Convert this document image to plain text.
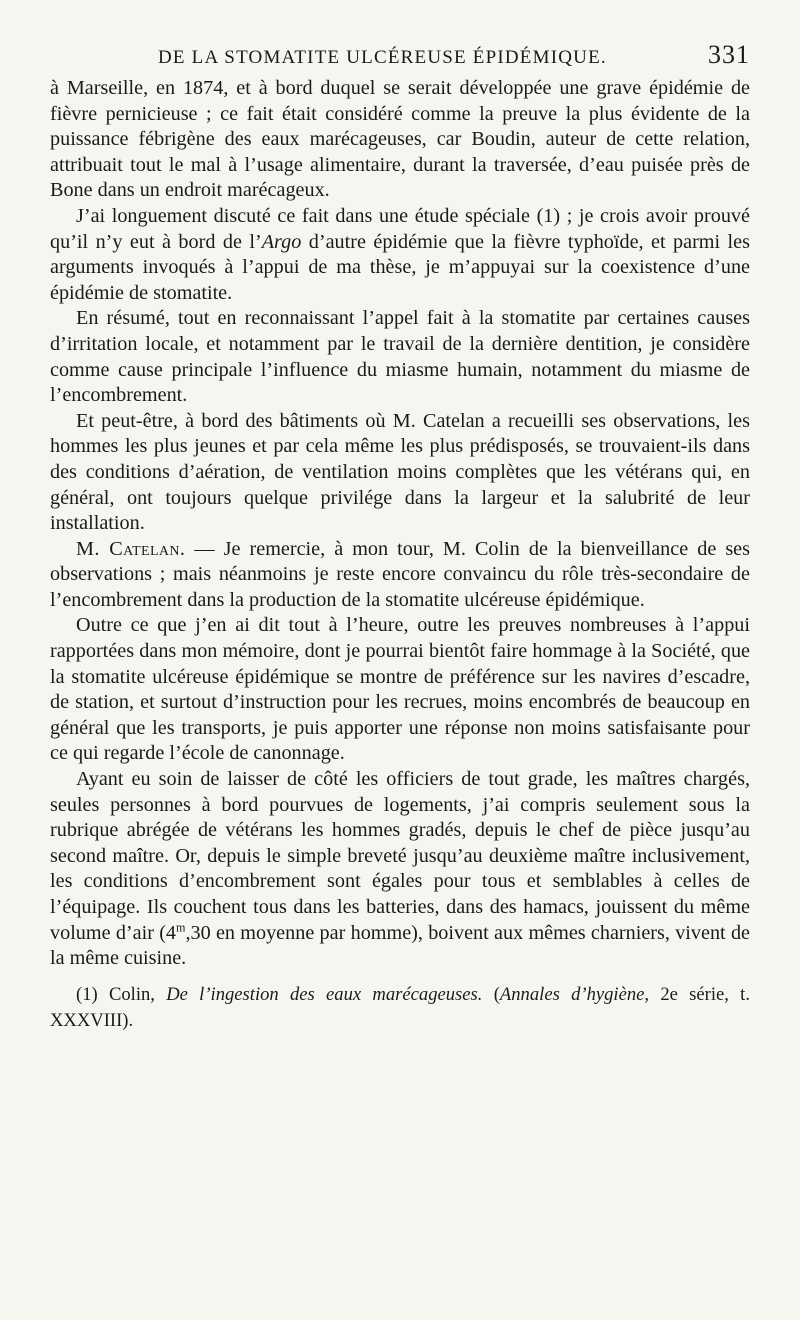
DE LA STOMATITE ULCÉREUSE ÉPIDÉMIQUE.	331

à Marseille, en 1874, et à bord duquel se serait développée une grave épidémie de fièvre pernicieuse ; ce fait était considéré comme la preuve la plus évidente de la puissance fébrigène des eaux marécageuses, car Boudin, auteur de cette relation, attribuait tout le mal à l’usage alimentaire, durant la traversée, d’eau puisée près de Bone dans un endroit marécageux.

J’ai longuement discuté ce fait dans une étude spéciale (1) ; je crois avoir prouvé qu’il n’y eut à bord de l’Argo d’autre épidémie que la fièvre typhoïde, et parmi les arguments invoqués à l’appui de ma thèse, je m’appuyai sur la coexistence d’une épidémie de stomatite.

En résumé, tout en reconnaissant l’appel fait à la stomatite par certaines causes d’irritation locale, et notamment par le travail de la dernière dentition, je considère comme cause principale l’influence du miasme humain, notamment du miasme de l’encombrement.

Et peut-être, à bord des bâtiments où M. Catelan a recueilli ses observations, les hommes les plus jeunes et par cela même les plus prédisposés, se trouvaient-ils dans des conditions d’aération, de ventilation moins complètes que les vétérans qui, en général, ont toujours quelque privilége dans la largeur et la salubrité de leur installation.

M. Catelan. — Je remercie, à mon tour, M. Colin de la bienveillance de ses observations ; mais néanmoins je reste encore convaincu du rôle très-secondaire de l’encombrement dans la production de la stomatite ulcéreuse épidémique.

Outre ce que j’en ai dit tout à l’heure, outre les preuves nombreuses à l’appui rapportées dans mon mémoire, dont je pourrai bientôt faire hommage à la Société, que la stomatite ulcéreuse épidémique se montre de préférence sur les navires d’escadre, de station, et surtout d’instruction pour les recrues, moins encombrés de beaucoup en général que les transports, je puis apporter une réponse non moins satisfaisante pour ce qui regarde l’école de canonnage.

Ayant eu soin de laisser de côté les officiers de tout grade, les maîtres chargés, seules personnes à bord pourvues de logements, j’ai compris seulement sous la rubrique abrégée de vétérans les hommes gradés, depuis le chef de pièce jusqu’au second maître. Or, depuis le simple breveté jusqu’au deuxième maître inclusivement, les conditions d’encombrement sont égales pour tous et semblables à celles de l’équipage. Ils couchent tous dans les batteries, dans des hamacs, jouissent du même volume d’air (4$^m$,30 en moyenne par homme), boivent aux mêmes charniers, vivent de la même cuisine.

(1) Colin, De l’ingestion des eaux marécageuses. (Annales d’hygiène, 2e série, t. XXXVIII).
